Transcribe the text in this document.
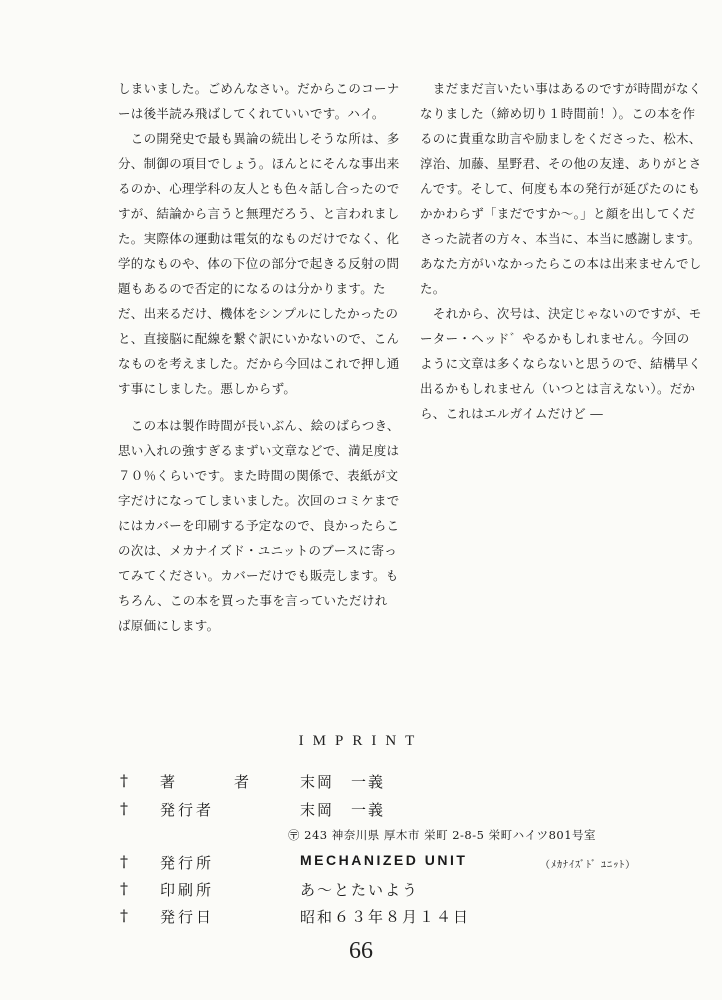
しまいました。ごめんなさい。だからこのコーナーは後半読み飛ばしてくれていいです。ハイ。

　この開発史で最も異論の続出しそうな所は、多分、制御の項目でしょう。ほんとにそんな事出来るのか、心理学科の友人とも色々話し合ったのですが、結論から言うと無理だろう、と言われました。実際体の運動は電気的なものだけでなく、化学的なものや、体の下位の部分で起きる反射の問題もあるので否定的になるのは分かります。ただ、出来るだけ、機体をシンプルにしたかったのと、直接脳に配線を繋ぐ訳にいかないので、こんなものを考えました。だから今回はこれで押し通す事にしました。悪しからず。

　この本は製作時間が長いぶん、絵のばらつき、思い入れの強すぎるまずい文章などで、満足度は７０％くらいです。また時間の関係で、表紙が文字だけになってしまいました。次回のコミケまでにはカバーを印刷する予定なので、良かったらこの次は、メカナイズド・ユニットのブースに寄ってみてください。カバーだけでも販売します。もちろん、この本を買った事を言っていただければ原価にします。

　まだまだ言いたい事はあるのですが時間がなくなりました（締め切り１時間前！）。この本を作るのに貴重な助言や励ましをくださった、松木、淳治、加藤、星野君、その他の友達、ありがとさんです。そして、何度も本の発行が延びたのにもかかわらず「まだですか～。」と顔を出してくださった読者の方々、本当に、本当に感謝します。あなた方がいなかったらこの本は出来ませんでした。

　それから、次号は、決定じゃないのですが、モーター・ヘッド゛やるかもしれません。今回のように文章は多くならないと思うので、結構早く出るかもしれません（いつとは言えない）。だから、これはエルガイムだけど ―

IMPRINT
† 著　者 末岡　一義
† 発行者	末岡　一義
〶 243 神奈川県 厚木市 栄町 2-8-5 栄町ハイツ801号室
† 発行所	MECHANIZED UNIT	（ﾒｶﾅｲｽﾞﾄﾞ ﾕﾆｯﾄ）
† 印刷所	あ～とたいよう
† 発行日	昭和６３年８月１４日
66
